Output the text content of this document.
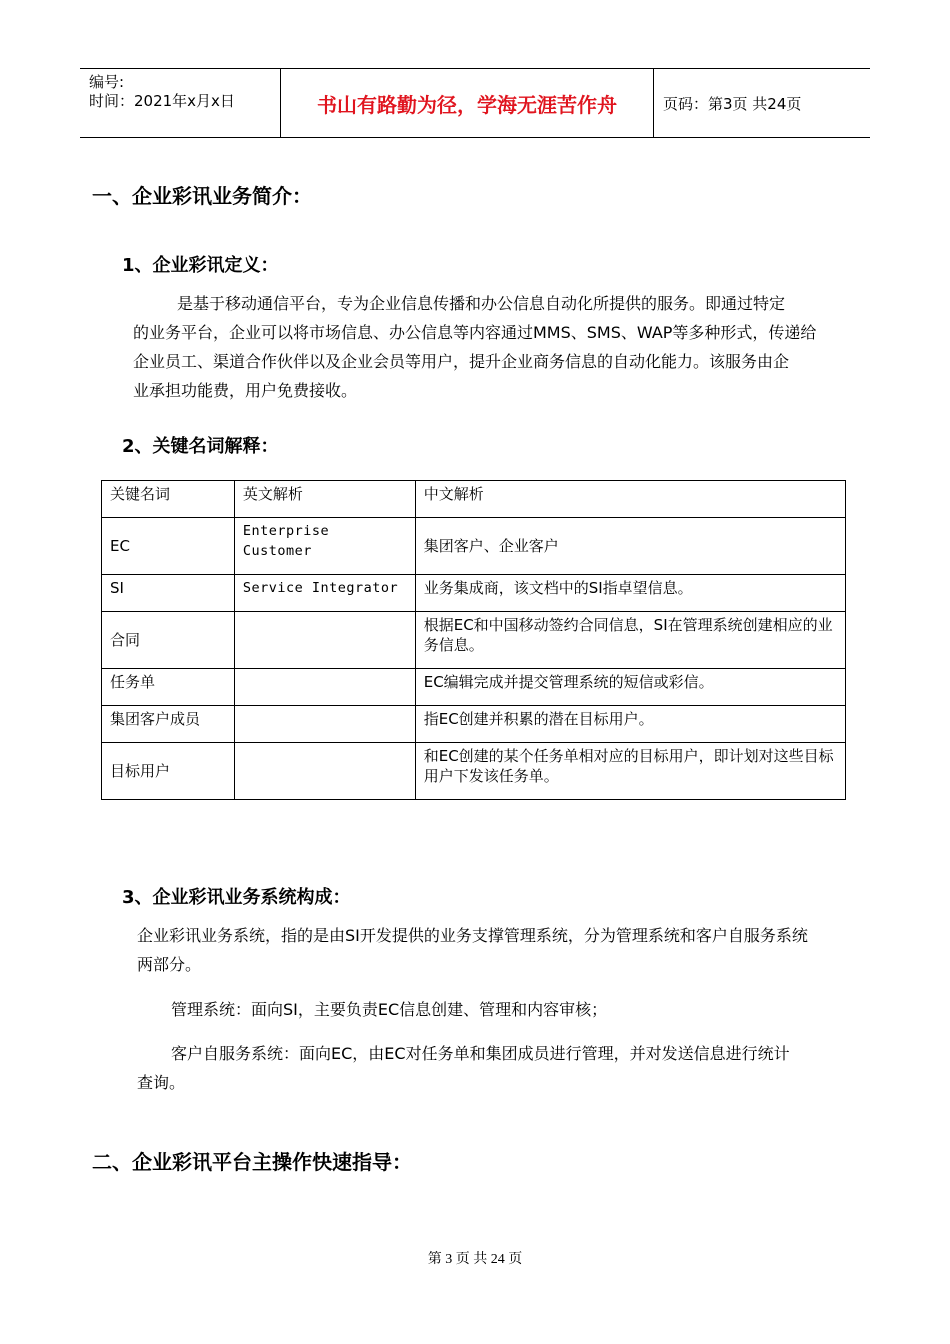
编号:
时间：2021年x月x日	书山有路勤为径，学海无涯苦作舟	页码：第3页 共24页
一、企业彩讯业务简介：
1、企业彩讯定义：
是基于移动通信平台，专为企业信息传播和办公信息自动化所提供的服务。即通过特定
的业务平台，企业可以将市场信息、办公信息等内容通过MMS、SMS、WAP等多种形式，传递给
企业员工、渠道合作伙伴以及企业会员等用户，提升企业商务信息的自动化能力。该服务由企
业承担功能费，用户免费接收。
2、关键名词解释：
关键名词	英文解析	中文解析
EC	Enterprise Customer	集团客户、企业客户
SI	Service Integrator	业务集成商，该文档中的SI指卓望信息。
合同		根据EC和中国移动签约合同信息，SI在管理系统创建相应的业务信息。
任务单		EC编辑完成并提交管理系统的短信或彩信。
集团客户成员		指EC创建并积累的潜在目标用户。
目标用户		和EC创建的某个任务单相对应的目标用户，即计划对这些目标用户下发该任务单。
3、企业彩讯业务系统构成：
企业彩讯业务系统，指的是由SI开发提供的业务支撑管理系统，分为管理系统和客户自服务系统
两部分。
管理系统：面向SI，主要负责EC信息创建、管理和内容审核；
客户自服务系统：面向EC，由EC对任务单和集团成员进行管理，并对发送信息进行统计
查询。
二、企业彩讯平台主操作快速指导：
第 3 页 共 24 页
